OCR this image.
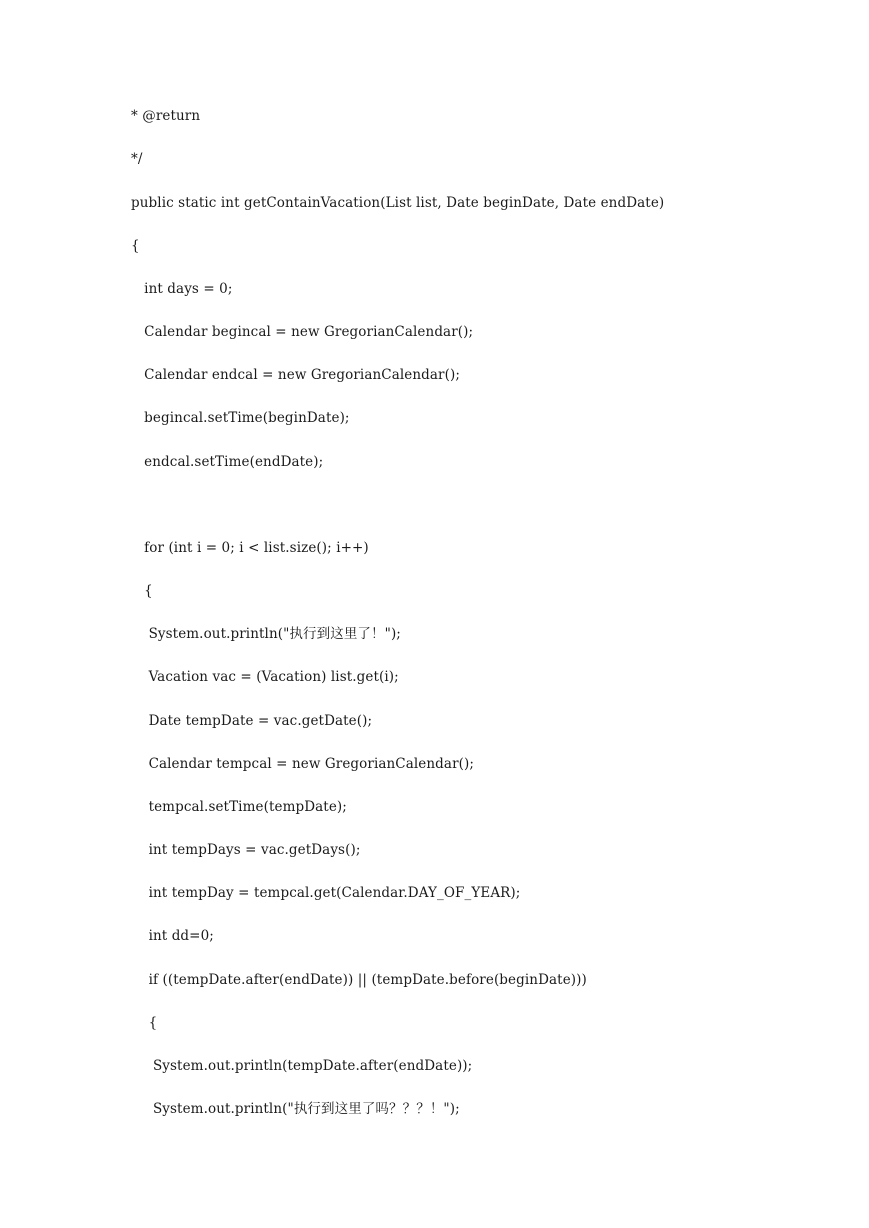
* @return
*/
public static int getContainVacation(List list, Date beginDate, Date endDate)
{
int days = 0;
Calendar begincal = new GregorianCalendar();
Calendar endcal = new GregorianCalendar();
begincal.setTime(beginDate);
endcal.setTime(endDate);
for (int i = 0; i < list.size(); i++)
{
System.out.println("执行到这里了！");
Vacation vac = (Vacation) list.get(i);
Date tempDate = vac.getDate();
Calendar tempcal = new GregorianCalendar();
tempcal.setTime(tempDate);
int tempDays = vac.getDays();
int tempDay = tempcal.get(Calendar.DAY_OF_YEAR);
int dd=0;
if ((tempDate.after(endDate)) || (tempDate.before(beginDate)))
{
System.out.println(tempDate.after(endDate));
System.out.println("执行到这里了吗？？？！");
